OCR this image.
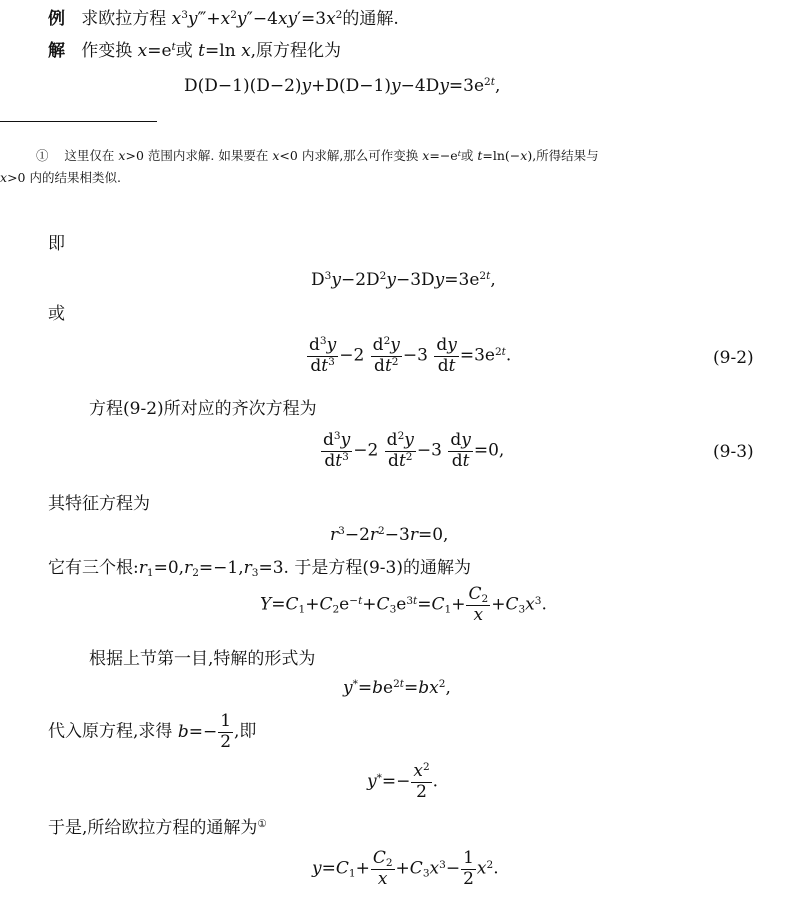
例 求欧拉方程 $x^3y‴+x^2y''-4xy'=3x^2$的通解.
解 作变换 $x=e^t$或 t=ln x,原方程化为
$D(D-1)(D-2)y+D(D-1)y-4Dy=3e^{2t}$,
① 这里仅在 x>0 范围内求解. 如果要在 x<0 内求解,那么可作变换 $x=-e^t$或 t=ln(−x),所得结果与
x>0 内的结果相类似.
即
$D^3y-2D^2y-3Dy=3e^{2t}$,
或
$\frac{d^3y}{dt^3} -2 \frac{d^2y}{dt^2} -3 \frac{dy}{dt} =3e^{2t}$.	(9-2)
方程(9-2)所对应的齐次方程为
$\frac{d^3y}{dt^3} -2 \frac{d^2y}{dt^2} -3 \frac{dy}{dt} =0$,	(9-3)
其特征方程为
$r^3-2r^2-3r=0$,
它有三个根$:r_1=0,r_2=-1,r_3=3$. 于是方程(9-3)的通解为
$Y=C_1+C_2e^{-t}+C_3e^{3t}=C_1+ \frac{C_2}{x} +C_3x^3$.
根据上节第一目,特解的形式为
$y^*=be^{2t}=bx^2$,
代入原方程,求得 $b=- \frac{1}{2}$ ,即
$y^*=- \frac{x^2}{2}$ .
于是,所给欧拉方程的通解为①
$y=C_1+ \frac{C_2}{x} +C_3x^3- \frac{1}{2} x^2$.
